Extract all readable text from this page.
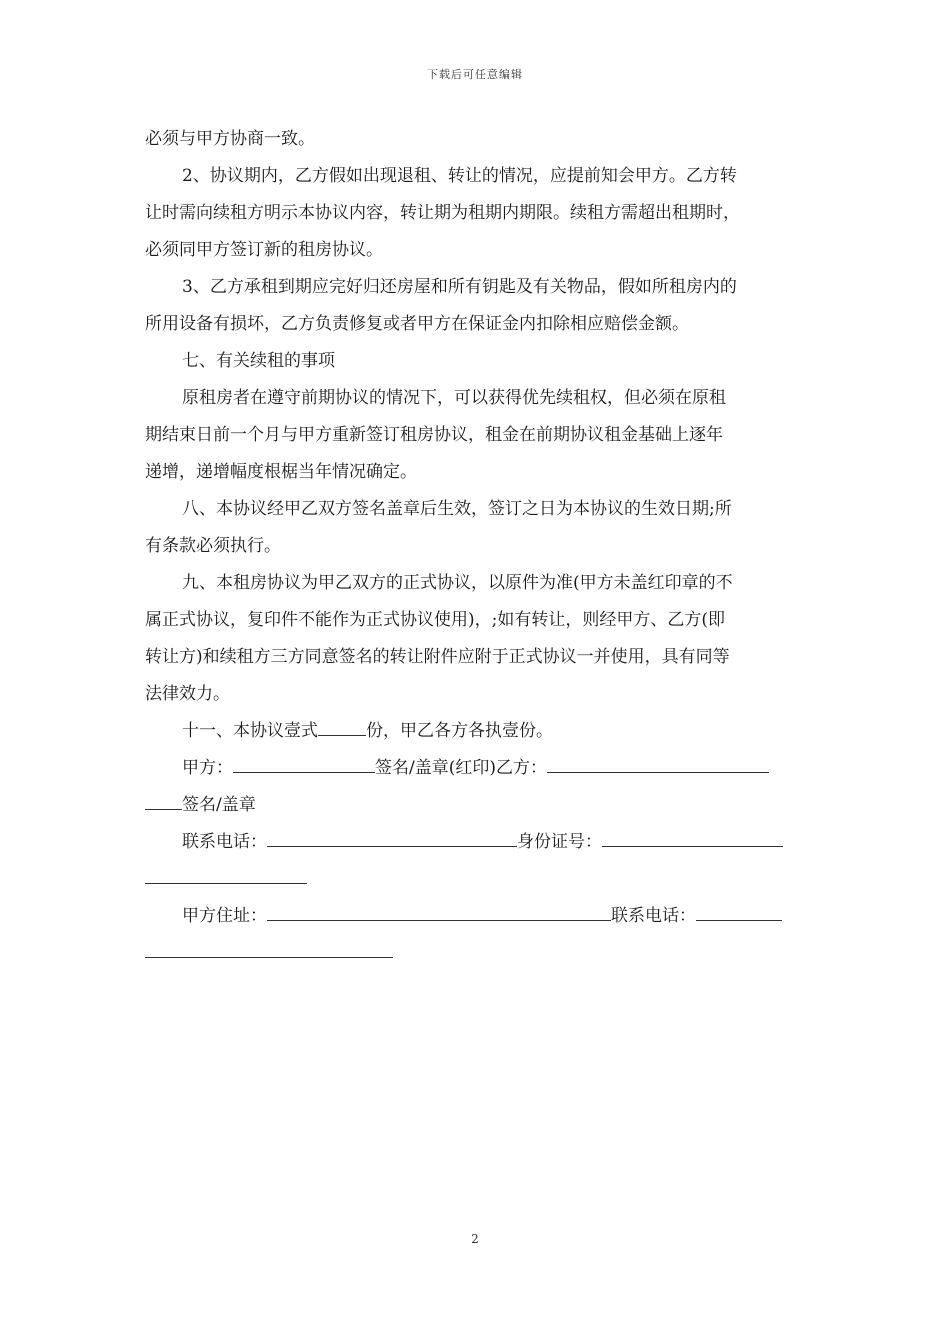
下载后可任意编辑
必须与甲方协商一致。
2、协议期内，乙方假如出现退租、转让的情况，应提前知会甲方。乙方转
让时需向续租方明示本协议内容，转让期为租期内期限。续租方需超出租期时，
必须同甲方签订新的租房协议。
3、乙方承租到期应完好归还房屋和所有钥匙及有关物品，假如所租房内的
所用设备有损坏，乙方负责修复或者甲方在保证金内扣除相应赔偿金额。
七、有关续租的事项
原租房者在遵守前期协议的情况下，可以获得优先续租权，但必须在原租
期结束日前一个月与甲方重新签订租房协议，租金在前期协议租金基础上逐年
递增，递增幅度根椐当年情况确定。
八、本协议经甲乙双方签名盖章后生效，签订之日为本协议的生效日期;所
有条款必须执行。
九、本租房协议为甲乙双方的正式协议，以原件为准(甲方未盖红印章的不
属正式协议，复印件不能作为正式协议使用)，;如有转让，则经甲方、乙方(即
转让方)和续租方三方同意签名的转让附件应附于正式协议一并使用，具有同等
法律效力。
十一、本协议壹式	份，甲乙各方各执壹份。
甲方：	签名/盖章(红印)乙方：
签名/盖章
联系电话：	身份证号：
甲方住址：	联系电话：
2
